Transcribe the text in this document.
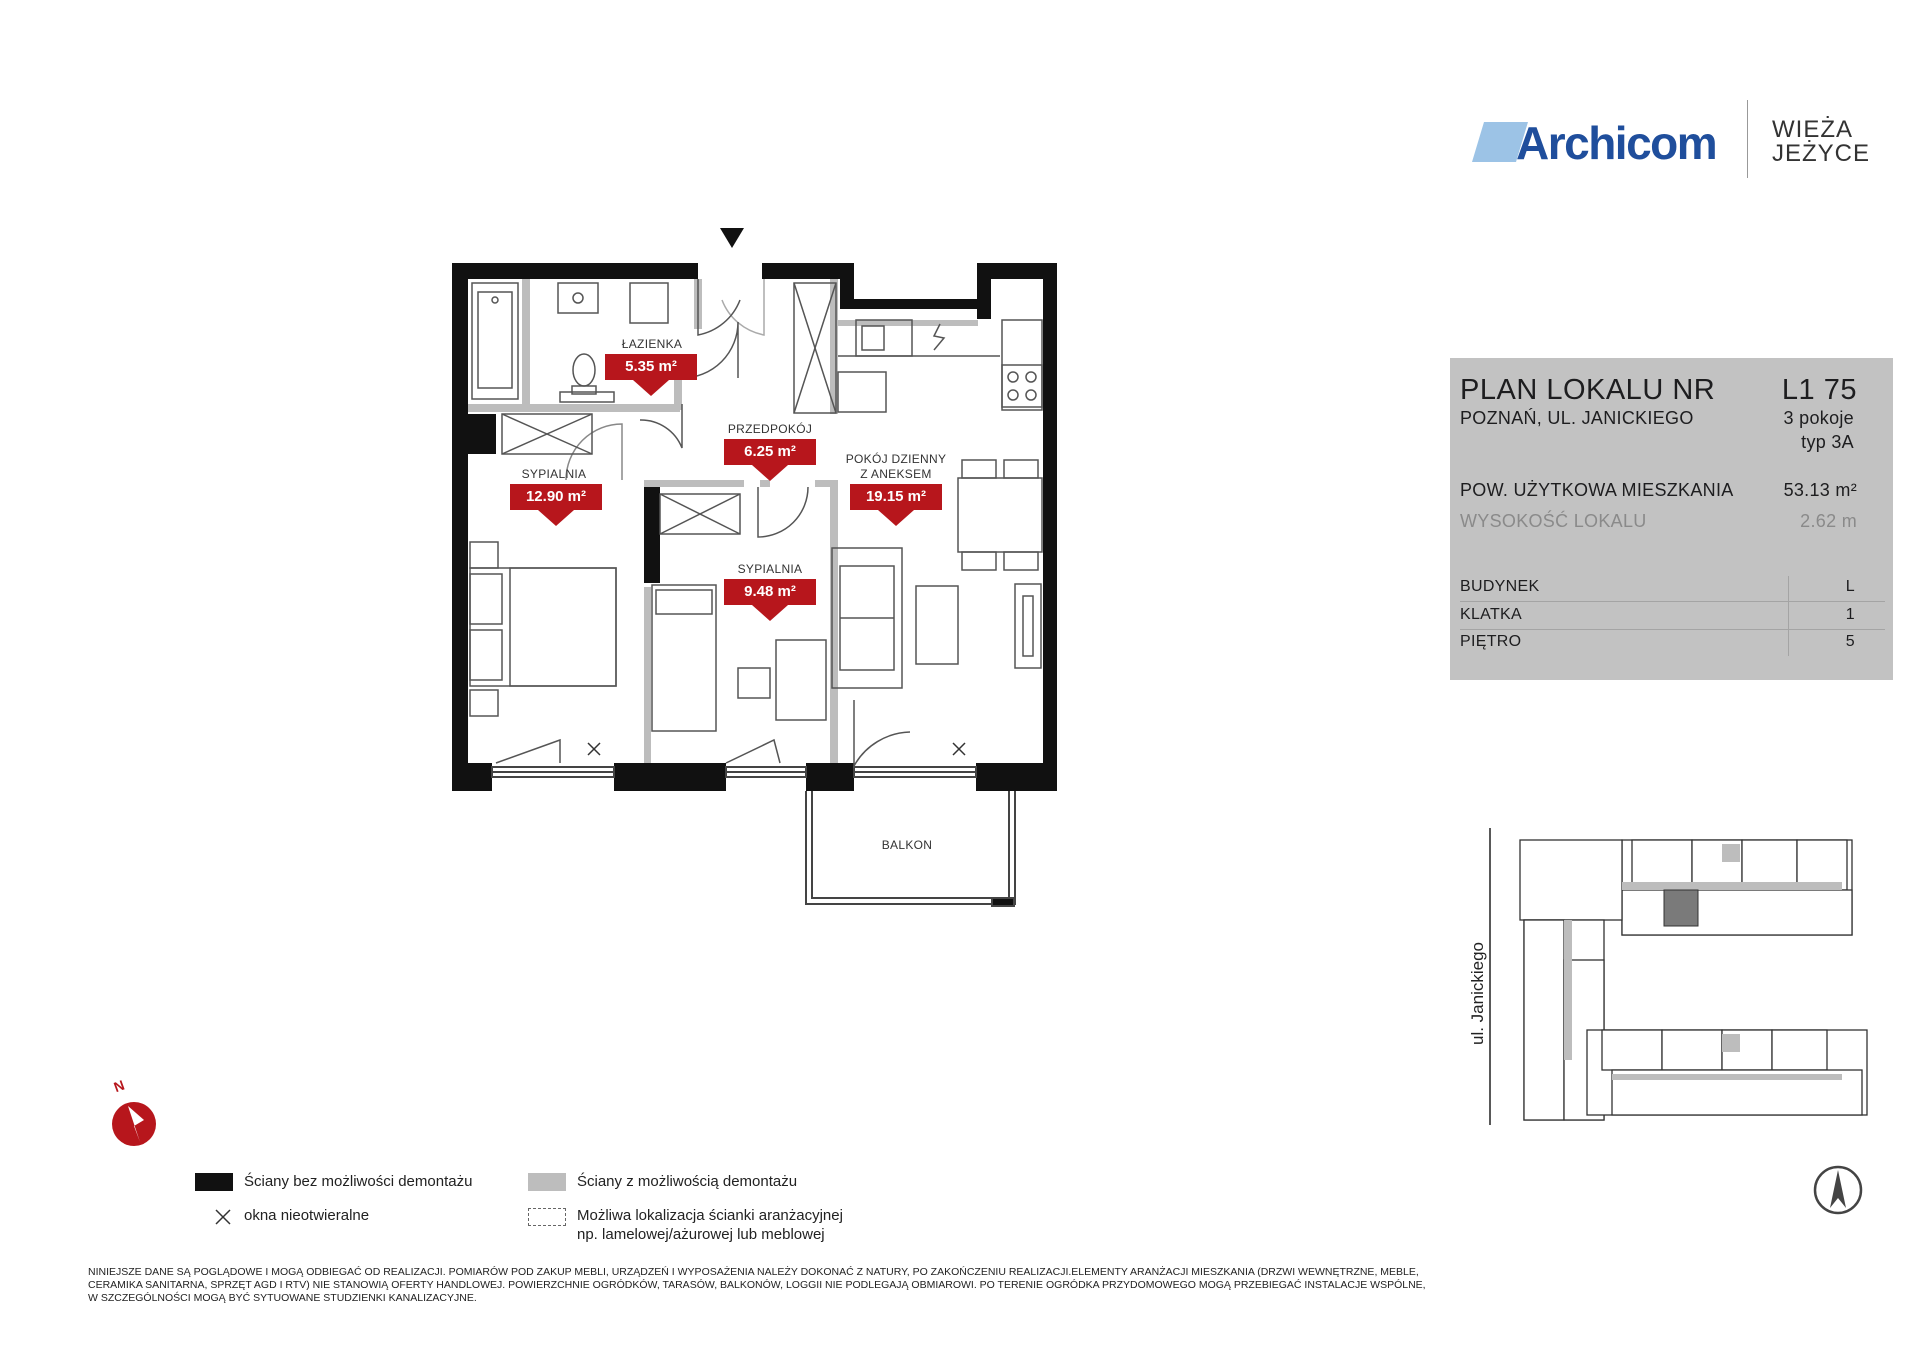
Archicom WIEŻA
JEŻYCE
ŁAZIENKA
5.35 m²
PRZEDPOKÓJ
6.25 m²
SYPIALNIA
12.90 m²
POKÓJ DZIENNY
Z ANEKSEM
19.15 m²
SYPIALNIA
9.48 m²
BALKON
PLAN LOKALU NR L1 75
POZNAŃ, UL. JANICKIEGO	3 pokoje
typ 3A
POW. UŻYTKOWA MIESZKANIA	53.13 m²
WYSOKOŚĆ LOKALU	2.62 m
BUDYNEK	L
KLATKA	1
PIĘTRO	5
ul. Janickiego
N
Ściany bez możliwości demontażu	Ściany z możliwością demontażu
okna nieotwieralne	Możliwa lokalizacja ścianki aranżacyjnej
np. lamelowej/ażurowej lub meblowej
NINIEJSZE DANE SĄ POGLĄDOWE I MOGĄ ODBIEGAĆ OD REALIZACJI. POMIARÓW POD ZAKUP MEBLI, URZĄDZEŃ I WYPOSAŻENIA NALEŻY DOKONAĆ Z NATURY, PO ZAKOŃCZENIU REALIZACJI.ELEMENTY ARANŻACJI MIESZKANIA (DRZWI WEWNĘTRZNE, MEBLE, CERAMIKA SANITARNA, SPRZĘT AGD I RTV) NIE STANOWIĄ OFERTY HANDLOWEJ. POWIERZCHNIE OGRÓDKÓW, TARASÓW, BALKONÓW, LOGGII NIE PODLEGAJĄ OBMIAROWI. PO TERENIE OGRÓDKA PRZYDOMOWEGO MOGĄ PRZEBIEGAĆ INSTALACJE WSPÓLNE, W SZCZEGÓLNOŚCI MOGĄ BYĆ SYTUOWANE STUDZIENKI KANALIZACYJNE.
